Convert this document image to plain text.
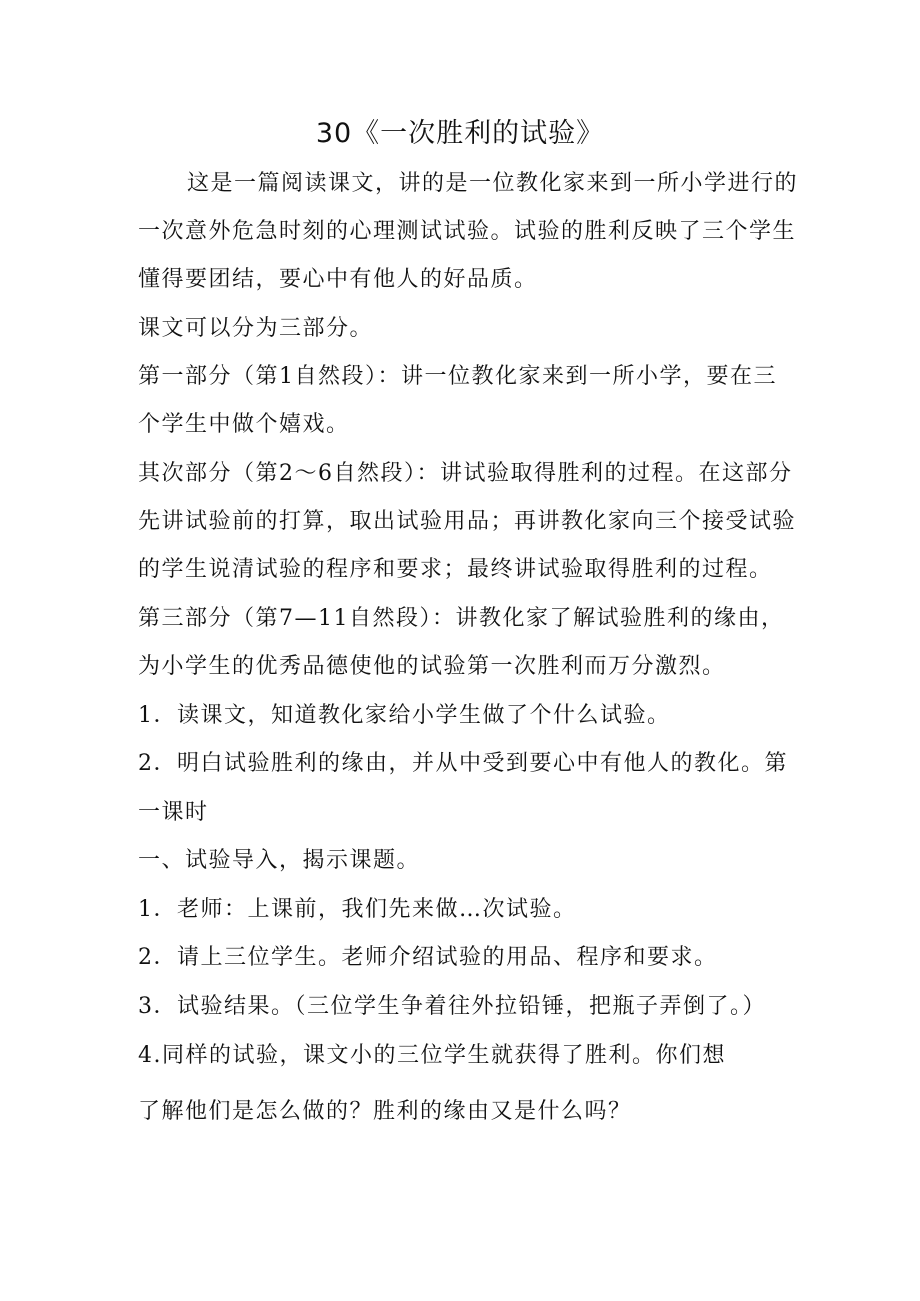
30《一次胜利的试验》
这是一篇阅读课文，讲的是一位教化家来到一所小学进行的
一次意外危急时刻的心理测试试验。试验的胜利反映了三个学生
懂得要团结，要心中有他人的好品质。
课文可以分为三部分。
第一部分（第1自然段）：讲一位教化家来到一所小学，要在三
个学生中做个嬉戏。
其次部分（第2～6自然段）：讲试验取得胜利的过程。在这部分
先讲试验前的打算，取出试验用品；再讲教化家向三个接受试验
的学生说清试验的程序和要求；最终讲试验取得胜利的过程。
第三部分（第7—11自然段）：讲教化家了解试验胜利的缘由，
为小学生的优秀品德使他的试验第一次胜利而万分激烈。
1．读课文，知道教化家给小学生做了个什么试验。
2．明白试验胜利的缘由，并从中受到要心中有他人的教化。第
一课时
一、试验导入，揭示课题。
1．老师：上课前，我们先来做…次试验。
2．请上三位学生。老师介绍试验的用品、程序和要求。
3．试验结果。（三位学生争着往外拉铅锤，把瓶子弄倒了。）
4.同样的试验，课文小的三位学生就获得了胜利。你们想
了解他们是怎么做的？胜利的缘由又是什么吗？
